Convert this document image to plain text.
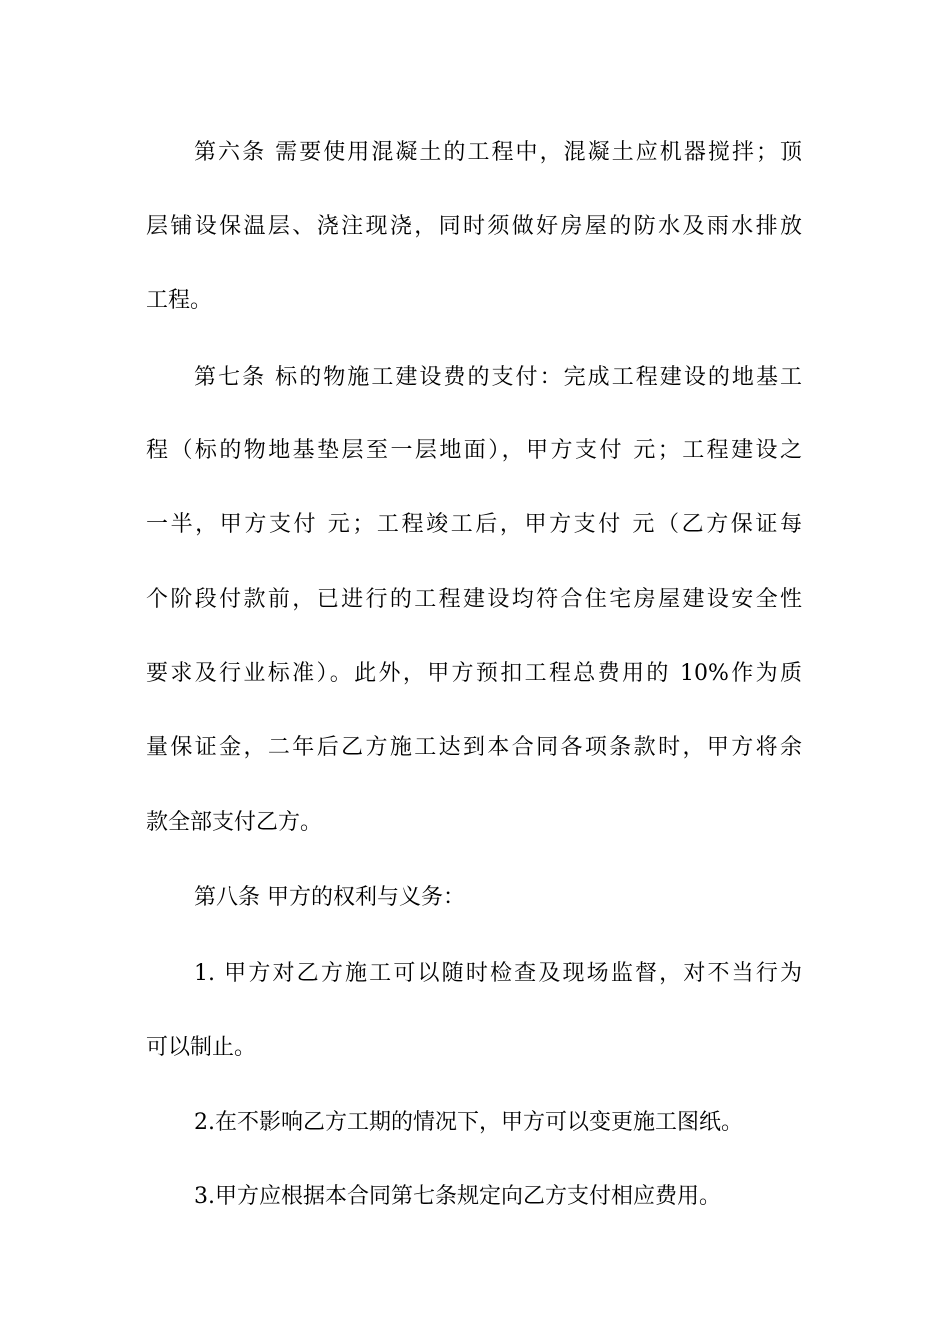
第六条 需要使用混凝土的工程中，混凝土应机器搅拌；顶
层铺设保温层、浇注现浇，同时须做好房屋的防水及雨水排放
工程。
第七条 标的物施工建设费的支付：完成工程建设的地基工
程（标的物地基垫层至一层地面），甲方支付 元；工程建设之
一半，甲方支付 元；工程竣工后，甲方支付 元（乙方保证每
个阶段付款前，已进行的工程建设均符合住宅房屋建设安全性
要求及行业标准）。此外，甲方预扣工程总费用的 10%作为质
量保证金，二年后乙方施工达到本合同各项条款时，甲方将余
款全部支付乙方。
第八条 甲方的权利与义务：
1. 甲方对乙方施工可以随时检查及现场监督，对不当行为
可以制止。
2.在不影响乙方工期的情况下，甲方可以变更施工图纸。
3.甲方应根据本合同第七条规定向乙方支付相应费用。
